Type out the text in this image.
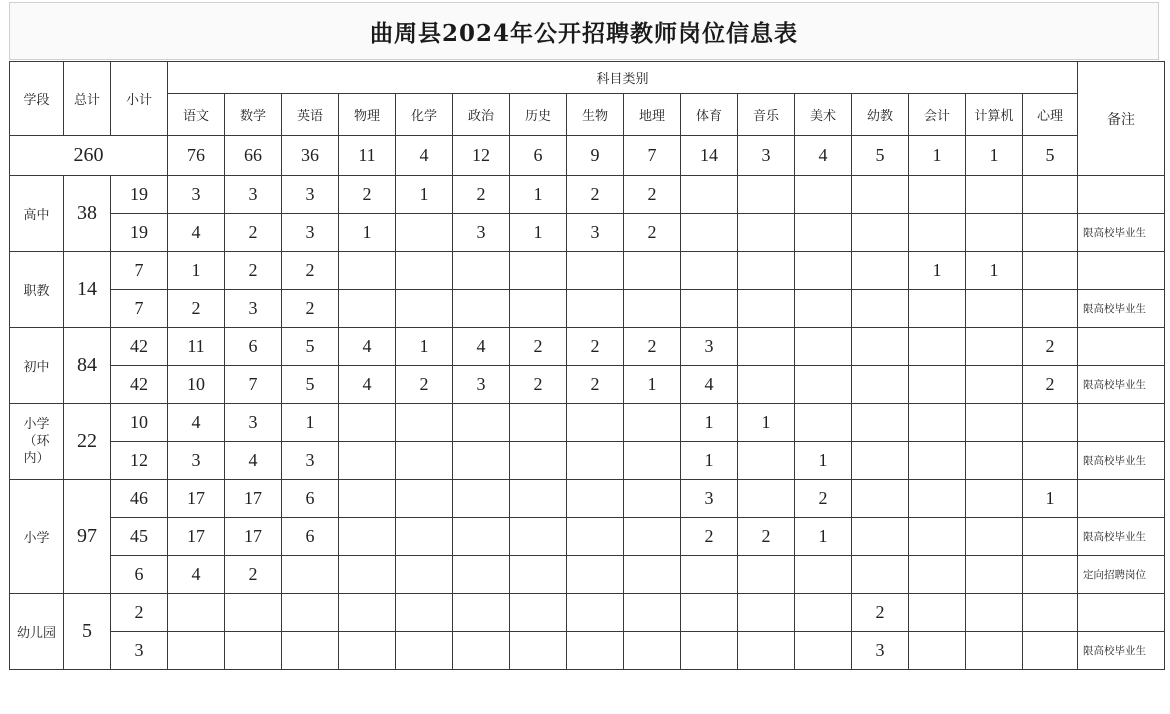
曲周县2024年公开招聘教师岗位信息表
学段	总计	小计	科目类别																备注
			语文	数学	英语	物理	化学	政治	历史	生物	地理	体育	音乐	美术	幼教	会计	计算机	心理	
260			76	66	36	11	4	12	6	9	7	14	3	4	5	1	1	5	
高中	38	19	3	3	3	2	1	2	1	2	2								
		19	4	2	3	1		3	1	3	2								限高校毕业生
职教	14	7	1	2	2											1	1		
		7	2	3	2														限高校毕业生
初中	84	42	11	6	5	4	1	4	2	2	2	3						2	
		42	10	7	5	4	2	3	2	2	1	4						2	限高校毕业生
小学（环内）	22	10	4	3	1							1	1						
		12	3	4	3							1		1					限高校毕业生
小学	97	46	17	17	6							3		2				1	
		45	17	17	6							2	2	1					限高校毕业生
		6	4	2															定向招聘岗位
幼儿园	5	2													2				
		3													3				限高校毕业生
